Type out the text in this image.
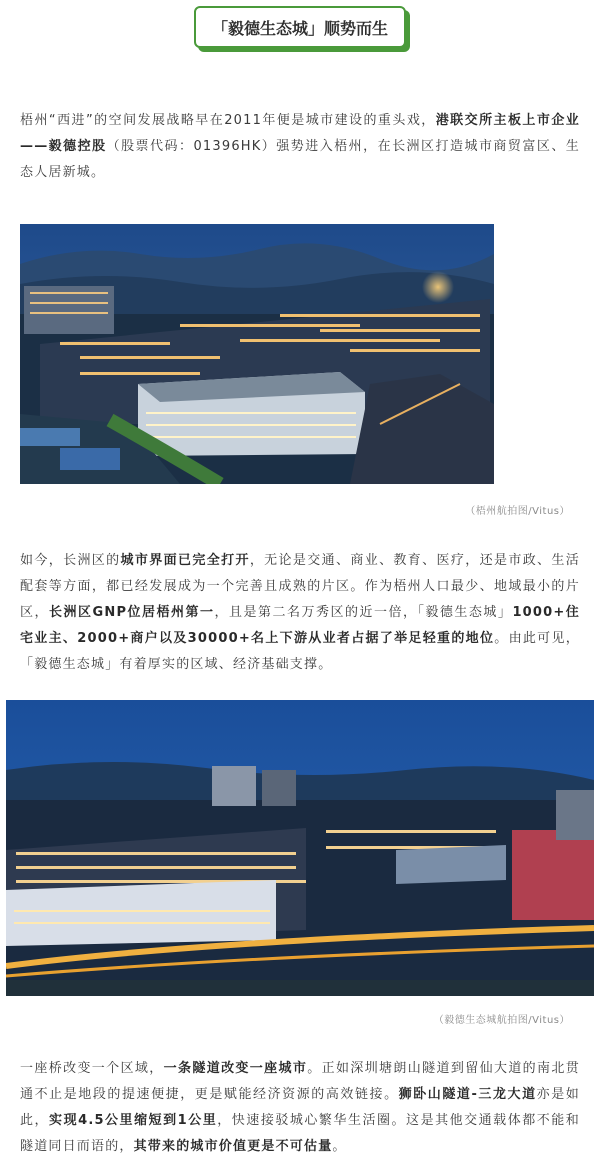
「毅德生态城」顺势而生

梧州“西进”的空间发展战略早在2011年便是城市建设的重头戏，港联交所主板上市企业——毅德控股（股票代码：01396HK）强势进入梧州，在长洲区打造城市商贸富区、生态人居新城。

（梧州航拍图/Vitus）

如今，长洲区的城市界面已完全打开，无论是交通、商业、教育、医疗，还是市政、生活配套等方面，都已经发展成为一个完善且成熟的片区。作为梧州人口最少、地域最小的片区，长洲区GNP位居梧州第一，且是第二名万秀区的近一倍，「毅德生态城」1000+住宅业主、2000+商户以及30000+名上下游从业者占据了举足轻重的地位。由此可见，「毅德生态城」有着厚实的区域、经济基础支撑。

（毅德生态城航拍图/Vitus）

一座桥改变一个区域，一条隧道改变一座城市。正如深圳塘朗山隧道到留仙大道的南北贯通不止是地段的提速便捷，更是赋能经济资源的高效链接。狮卧山隧道-三龙大道亦是如此，实现4.5公里缩短到1公里，快速接驳城心繁华生活圈。这是其他交通载体都不能和隧道同日而语的，其带来的城市价值更是不可估量。
